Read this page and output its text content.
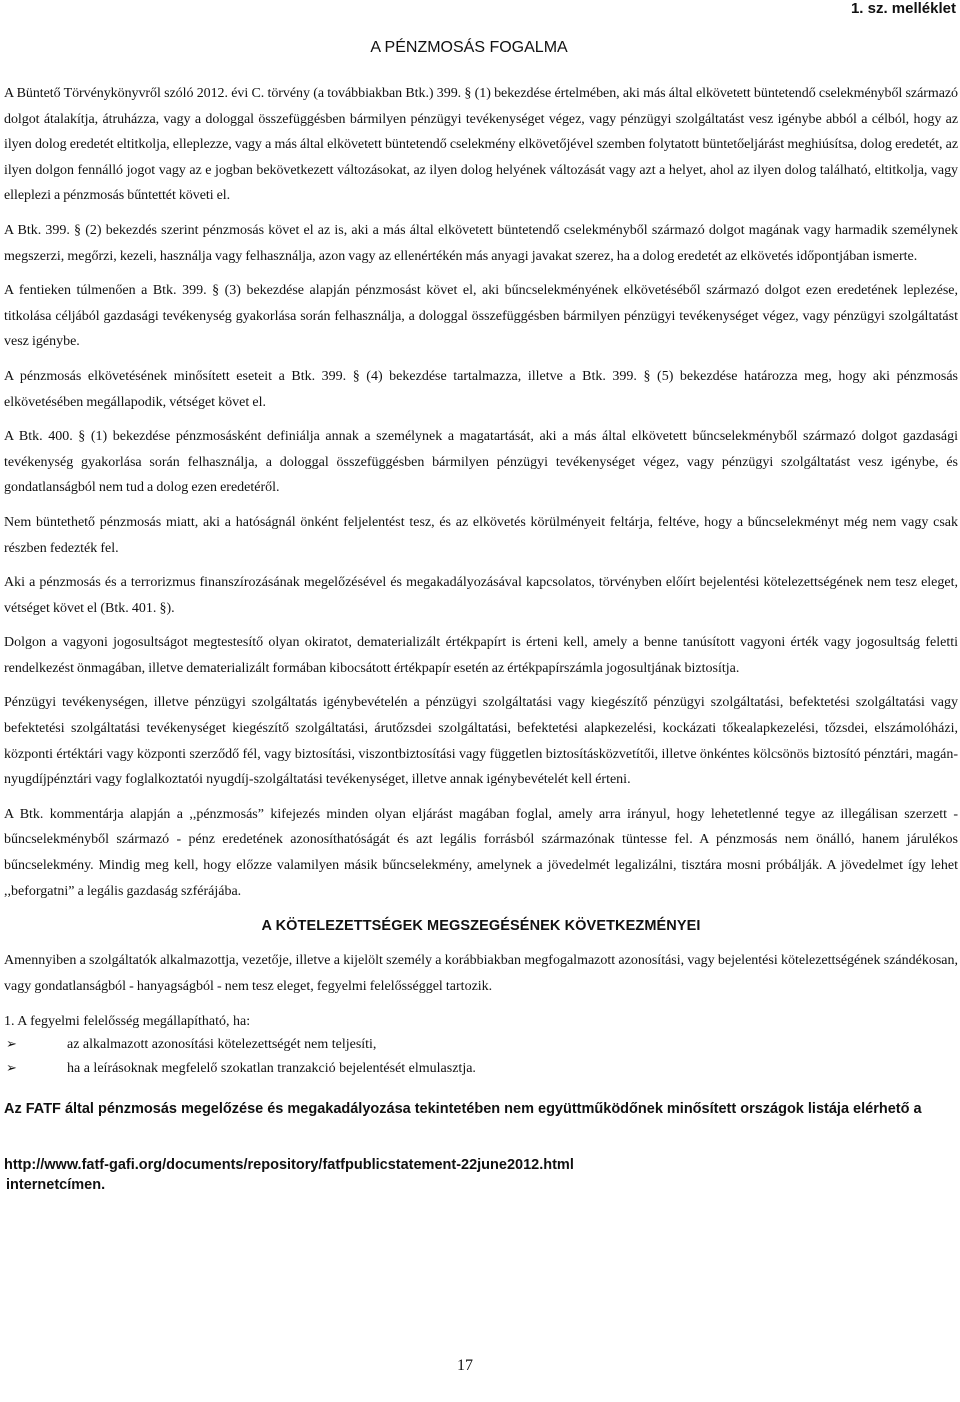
1. sz. melléklet
A PÉNZMOSÁS FOGALMA

A Büntető Törvénykönyvről szóló 2012. évi C. törvény (a továbbiakban Btk.) 399. § (1) bekezdése értelmében, aki más által elkövetett büntetendő cselekményből származó dolgot átalakítja, átruházza, vagy a dologgal összefüggésben bármilyen pénzügyi tevékenységet végez, vagy pénzügyi szolgáltatást vesz igénybe abból a célból, hogy az ilyen dolog eredetét eltitkolja, elleplezze, vagy a más által elkövetett büntetendő cselekmény elkövetőjével szemben folytatott büntetőeljárást meghiúsítsa, dolog eredetét, az ilyen dolgon fennálló jogot vagy az e jogban bekövetkezett változásokat, az ilyen dolog helyének változását vagy azt a helyet, ahol az ilyen dolog található, eltitkolja, vagy elleplezi a pénzmosás bűntettét követi el.

A Btk. 399. § (2) bekezdés szerint pénzmosás követ el az is, aki a más által elkövetett büntetendő cselekményből származó dolgot magának vagy harmadik személynek megszerzi, megőrzi, kezeli, használja vagy felhasználja, azon vagy az ellenértékén más anyagi javakat szerez, ha a dolog eredetét az elkövetés időpontjában ismerte.

A fentieken túlmenően a Btk. 399. § (3) bekezdése alapján pénzmosást követ el, aki bűncselekményének elkövetéséből származó dolgot ezen eredetének leplezése, titkolása céljából gazdasági tevékenység gyakorlása során felhasználja, a dologgal összefüggésben bármilyen pénzügyi tevékenységet végez, vagy pénzügyi szolgáltatást vesz igénybe.

A pénzmosás elkövetésének minősített eseteit a Btk. 399. § (4) bekezdése tartalmazza, illetve a Btk. 399. § (5) bekezdése határozza meg, hogy aki pénzmosás elkövetésében megállapodik, vétséget követ el.

A Btk. 400. § (1) bekezdése pénzmosásként definiálja annak a személynek a magatartását, aki a más által elkövetett bűncselekményből származó dolgot gazdasági tevékenység gyakorlása során felhasználja, a dologgal összefüggésben bármilyen pénzügyi tevékenységet végez, vagy pénzügyi szolgáltatást vesz igénybe, és gondatlanságból nem tud a dolog ezen eredetéről.

Nem büntethető pénzmosás miatt, aki a hatóságnál önként feljelentést tesz, és az elkövetés körülményeit feltárja, feltéve, hogy a bűncselekményt még nem vagy csak részben fedezték fel.

Aki a pénzmosás és a terrorizmus finanszírozásának megelőzésével és megakadályozásával kapcsolatos, törvényben előírt bejelentési kötelezettségének nem tesz eleget, vétséget követ el (Btk. 401. §).

Dolgon a vagyoni jogosultságot megtestesítő olyan okiratot, dematerializált értékpapírt is érteni kell, amely a benne tanúsított vagyoni érték vagy jogosultság feletti rendelkezést önmagában, illetve dematerializált formában kibocsátott értékpapír esetén az értékpapírszámla jogosultjának biztosítja.

Pénzügyi tevékenységen, illetve pénzügyi szolgáltatás igénybevételén a pénzügyi szolgáltatási vagy kiegészítő pénzügyi szolgáltatási, befektetési szolgáltatási vagy befektetési szolgáltatási tevékenységet kiegészítő szolgáltatási, árutőzsdei szolgáltatási, befektetési alapkezelési, kockázati tőkealapkezelési, tőzsdei, elszámolóházi, központi értéktári vagy központi szerződő fél, vagy biztosítási, viszontbiztosítási vagy független biztosításközvetítői, illetve önkéntes kölcsönös biztosító pénztári, magán-nyugdíjpénztári vagy foglalkoztatói nyugdíj-szolgáltatási tevékenységet, illetve annak igénybevételét kell érteni.

A Btk. kommentárja alapján a ,,pénzmosás” kifejezés minden olyan eljárást magában foglal, amely arra irányul, hogy lehetetlenné tegye az illegálisan szerzett - bűncselekményből származó - pénz eredetének azonosíthatóságát és azt legális forrásból származónak tüntesse fel. A pénzmosás nem önálló, hanem járulékos bűncselekmény. Mindig meg kell, hogy előzze valamilyen másik bűncselekmény, amelynek a jövedelmét legalizálni, tisztára mosni próbálják. A jövedelmet így lehet ,,beforgatni” a legális gazdaság szférájába.

A KÖTELEZETTSÉGEK MEGSZEGÉSÉNEK KÖVETKEZMÉNYEI

Amennyiben a szolgáltatók alkalmazottja, vezetője, illetve a kijelölt személy a korábbiakban megfogalmazott azonosítási, vagy bejelentési kötelezettségének szándékosan, vagy gondatlanságból - hanyagságból - nem tesz eleget, fegyelmi felelősséggel tartozik.

1. A fegyelmi felelősség megállapítható, ha:
➢	az alkalmazott azonosítási kötelezettségét nem teljesíti,
➢	ha a leírásoknak megfelelő szokatlan tranzakció bejelentését elmulasztja.
Az FATF által pénzmosás megelőzése és megakadályozása tekintetében nem együttműködőnek minősített országok listája elérhető a
http://www.fatf-gafi.org/documents/repository/fatfpublicstatement-22june2012.html
internetcímen.
17
